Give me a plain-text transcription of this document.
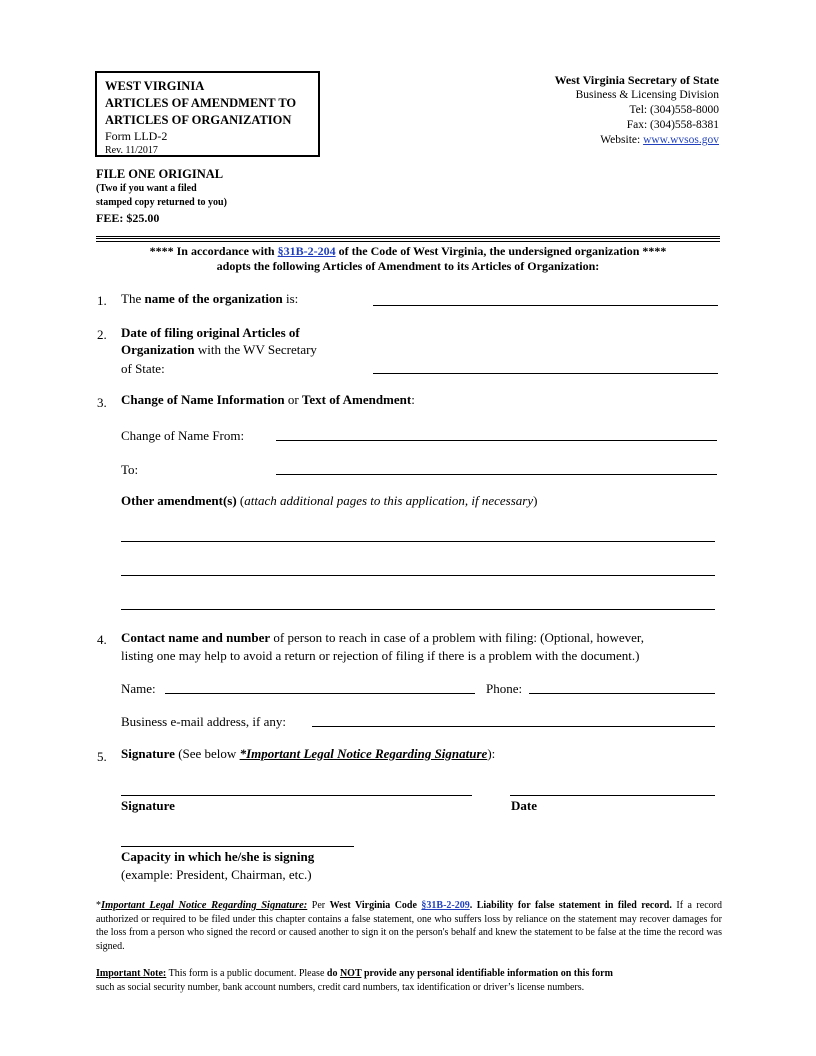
WEST VIRGINIA
ARTICLES OF AMENDMENT TO
ARTICLES OF ORGANIZATION
Form LLD-2
Rev. 11/2017
West Virginia Secretary of State
Business & Licensing Division
Tel: (304)558-8000
Fax: (304)558-8381
Website: www.wvsos.gov
FILE ONE ORIGINAL
(Two if you want a filed
stamped copy returned to you)
FEE: $25.00
**** In accordance with §31B-2-204 of the Code of West Virginia, the undersigned organization ****
adopts the following Articles of Amendment to its Articles of Organization:
1. The name of the organization is:
2. Date of filing original Articles of
Organization with the WV Secretary
of State:
3. Change of Name Information or Text of Amendment:
Change of Name From:
To:
Other amendment(s) (attach additional pages to this application, if necessary)
4. Contact name and number of person to reach in case of a problem with filing: (Optional, however,
listing one may help to avoid a return or rejection of filing if there is a problem with the document.)
Name:	Phone:
Business e-mail address, if any:
5. Signature (See below *Important Legal Notice Regarding Signature):
Signature	Date
Capacity in which he/she is signing
(example: President, Chairman, etc.)
*Important Legal Notice Regarding Signature: Per West Virginia Code §31B-2-209. Liability for false statement in filed record. If a record authorized or required to be filed under this chapter contains a false statement, one who suffers loss by reliance on the statement may recover damages for the loss from a person who signed the record or caused another to sign it on the person's behalf and knew the statement to be false at the time the record was signed.
Important Note: This form is a public document. Please do NOT provide any personal identifiable information on this form
such as social security number, bank account numbers, credit card numbers, tax identification or driver’s license numbers.
